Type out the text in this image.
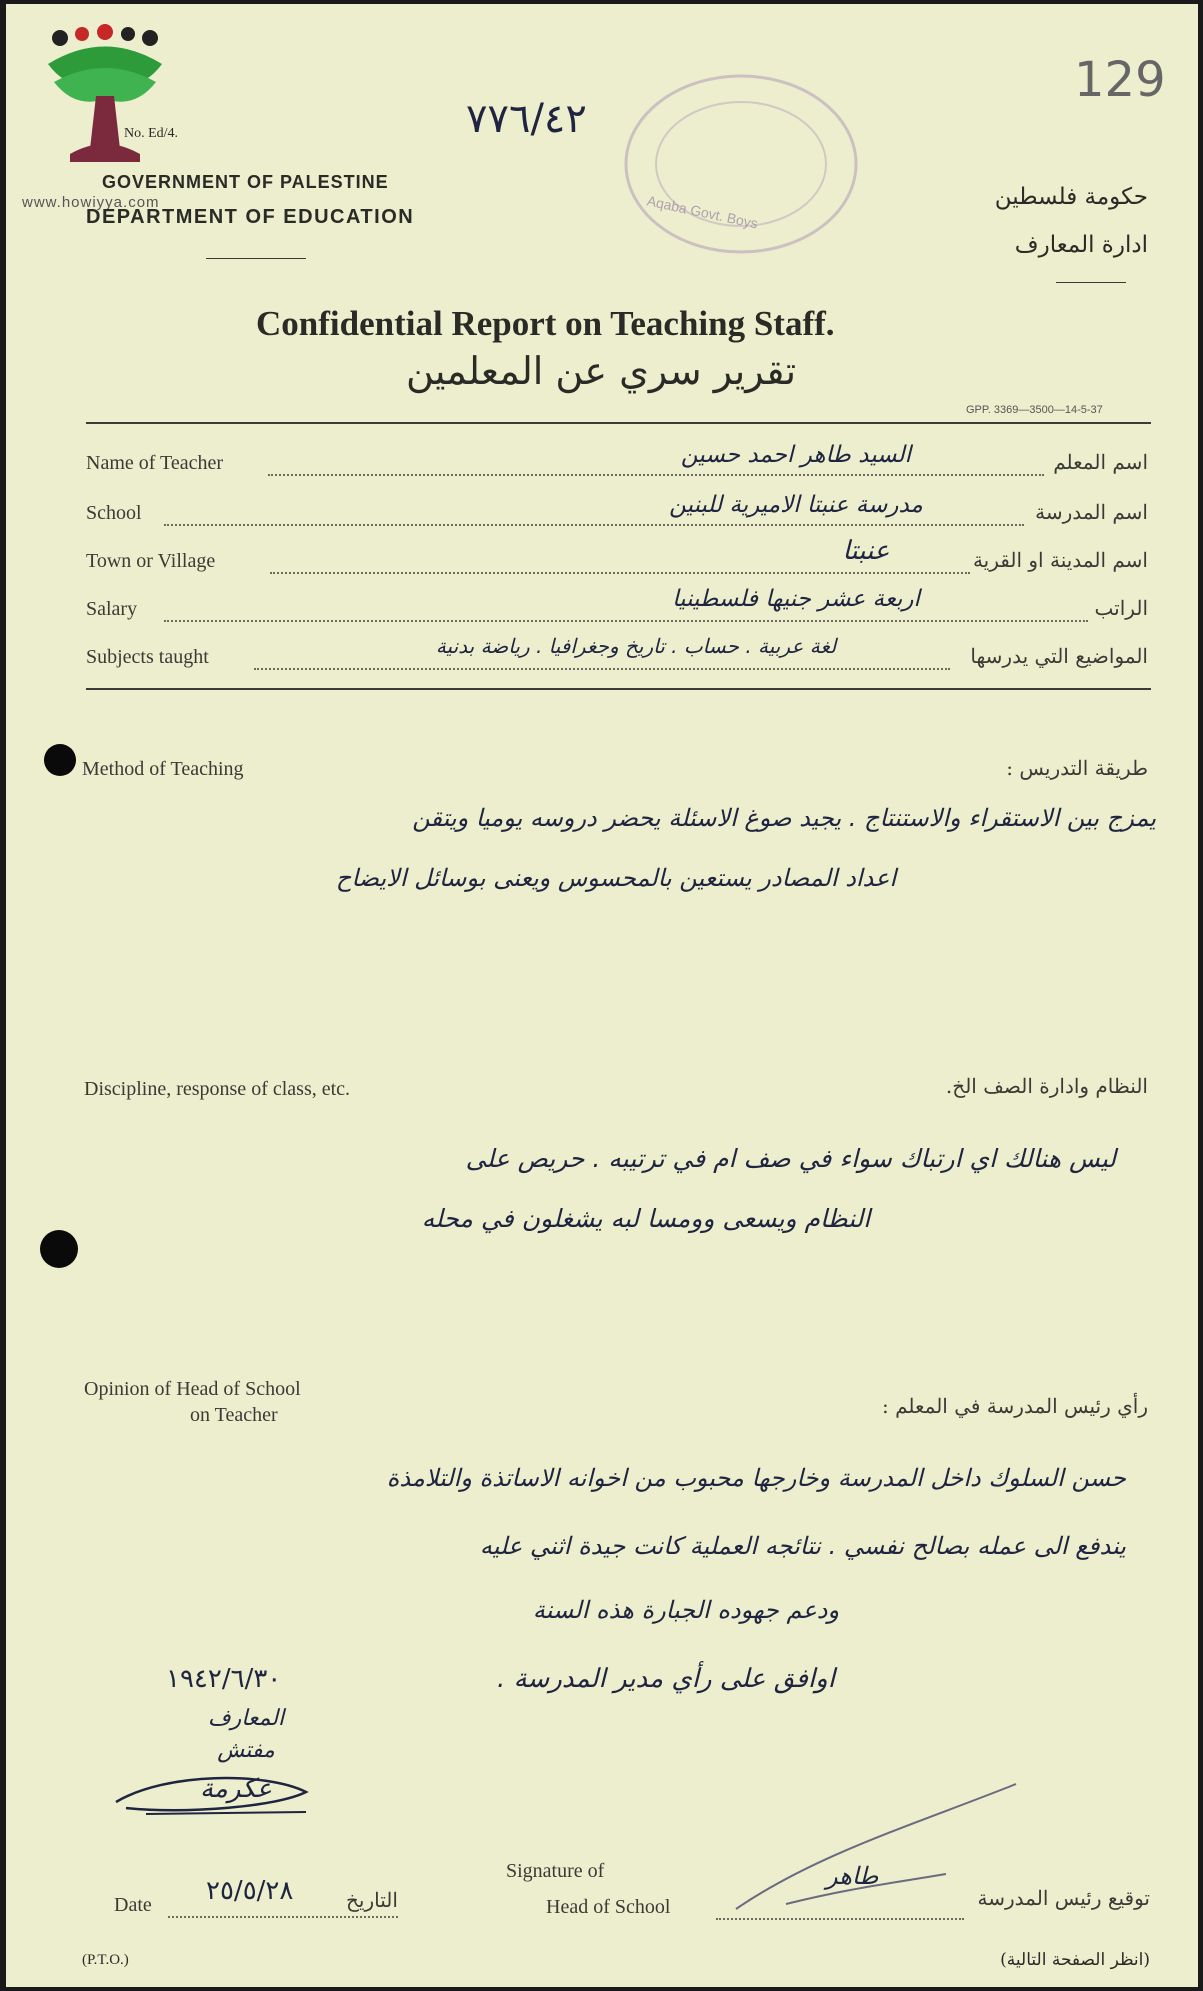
www.howiyya.com
No. Ed/4.
GOVERNMENT OF PALESTINE
DEPARTMENT OF EDUCATION
٧٧٦/٤٢
Aqaba Govt. Boys
129
حكومة فلسطين
ادارة المعارف
Confidential Report on Teaching Staff.
تقرير سري عن المعلمين
GPP. 3369—3500—14-5-37
Name of Teacher	السيد طاهر احمد حسين	اسم المعلم
School	مدرسة عنبتا الاميرية للبنين	اسم المدرسة
Town or Village	عنبتا	اسم المدينة او القرية
Salary	اربعة عشر جنيها فلسطينيا	الراتب
Subjects taught	لغة عربية . حساب . تاريخ وجغرافيا . رياضة بدنية	المواضيع التي يدرسها
Method of Teaching	طريقة التدريس :
يمزج بين الاستقراء والاستنتاج . يجيد صوغ الاسئلة يحضر دروسه يوميا ويتقن
اعداد المصادر يستعين بالمحسوس ويعنى بوسائل الايضاح
Discipline, response of class, etc.	النظام وادارة الصف الخ.
ليس هنالك اي ارتباك سواء في صف ام في ترتيبه . حريص على
النظام ويسعى وومسا لبه يشغلون في محله
Opinion of Head of School
on Teacher	رأي رئيس المدرسة في المعلم :
حسن السلوك داخل المدرسة وخارجها محبوب من اخوانه الاساتذة والتلامذة
يندفع الى عمله بصالح نفسي . نتائجه العملية كانت جيدة اثني عليه
ودعم جهوده الجبارة هذه السنة
اوافق على رأي مدير المدرسة .
١٩٤٢/٦/٣٠
المعارف
مفتش
عكرمة
Date ٢٥/٥/٢٨	التاريخ
Signature of
Head of School
طاهر
توقيع رئيس المدرسة
(P.T.O.)	(انظر الصفحة التالية)
